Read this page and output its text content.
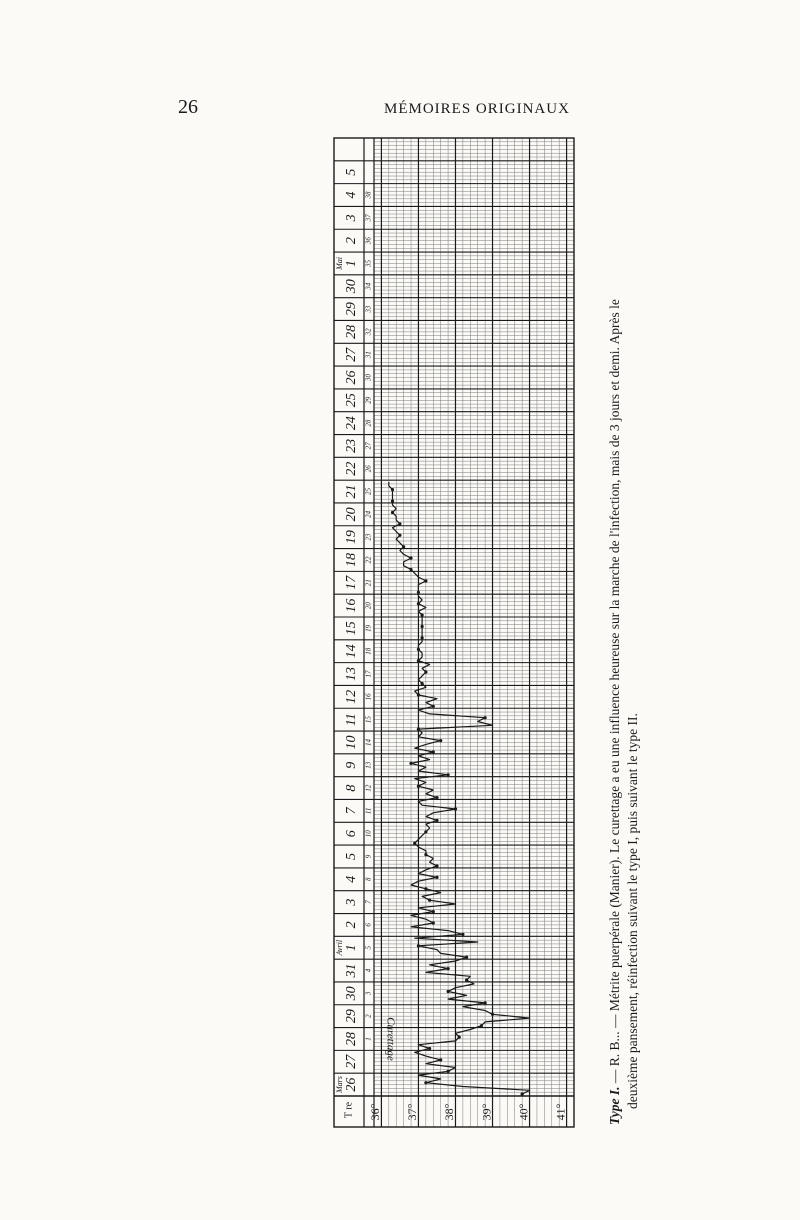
26	MÉMOIRES ORIGINAUX
T re	41°
40°
39°
38°
37°
36°
26
Mars
27
28 1
29 2
30 3
31 4
1
Avril	5
2 6
3 7
4 8
5 9
6 10
7 11
8 12
9 13
10 14
11 15
12 16
13 17
14 18
15 19
16 20
17 21
18 22
19 23
20 24
21 25
22 26
23 27
24 28
25 29
26 30
27 31
28 32
29 33
30 34
1
Mai	35
2 36
3 37
4 38
5
Curettage
Type I. — R. B... — Métrite puerpérale (Manier). Le curettage a eu une influence heureuse sur la marche de l'infection, mais de 3 jours et demi. Après le deuxième pansement, réinfection suivant le type I, puis suivant le type II.
